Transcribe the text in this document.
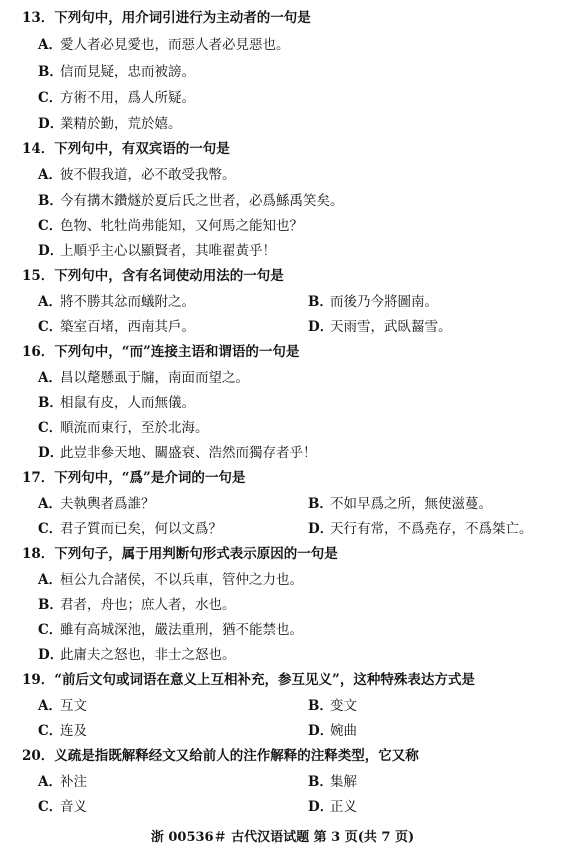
13．下列句中，用介词引进行为主动者的一句是
A．愛人者必見愛也，而惡人者必見惡也。
B．信而見疑，忠而被謗。
C．方術不用，爲人所疑。
D．業精於勤，荒於嬉。
14．下列句中，有双宾语的一句是
A．彼不假我道，必不敢受我幣。
B．今有搆木鑽燧於夏后氏之世者，必爲鯀禹笑矣。
C．色物、牝牡尚弗能知，又何馬之能知也？
D．上順乎主心以顯賢者，其唯翟黃乎！
15．下列句中，含有名词使动用法的一句是
A．將不勝其忿而蟻附之。	B．而後乃今將圖南。
C．築室百堵，西南其戶。	D．天雨雪，武臥齧雪。
16．下列句中，“而”连接主语和谓语的一句是
A．昌以氂懸虱于牖，南面而望之。
B．相鼠有皮，人而無儀。
C．順流而東行，至於北海。
D．此豈非參天地、關盛衰、浩然而獨存者乎！
17．下列句中，“爲”是介词的一句是
A．夫執輿者爲誰？	B．不如早爲之所，無使滋蔓。
C．君子質而已矣，何以文爲？	D．天行有常，不爲堯存，不爲桀亡。
18．下列句子，属于用判断句形式表示原因的一句是
A．桓公九合諸侯，不以兵車，管仲之力也。
B．君者，舟也；庶人者，水也。
C．雖有高城深池，嚴法重刑，猶不能禁也。
D．此庸夫之怒也，非士之怒也。
19．“前后文句或词语在意义上互相补充，参互见义”，这种特殊表达方式是
A．互文	B．变文
C．连及	D．婉曲
20．义疏是指既解释经文又给前人的注作解释的注释类型，它又称
A．补注	B．集解
C．音义	D．正义
浙 00536＃ 古代汉语试题 第 3 页(共 7 页)
